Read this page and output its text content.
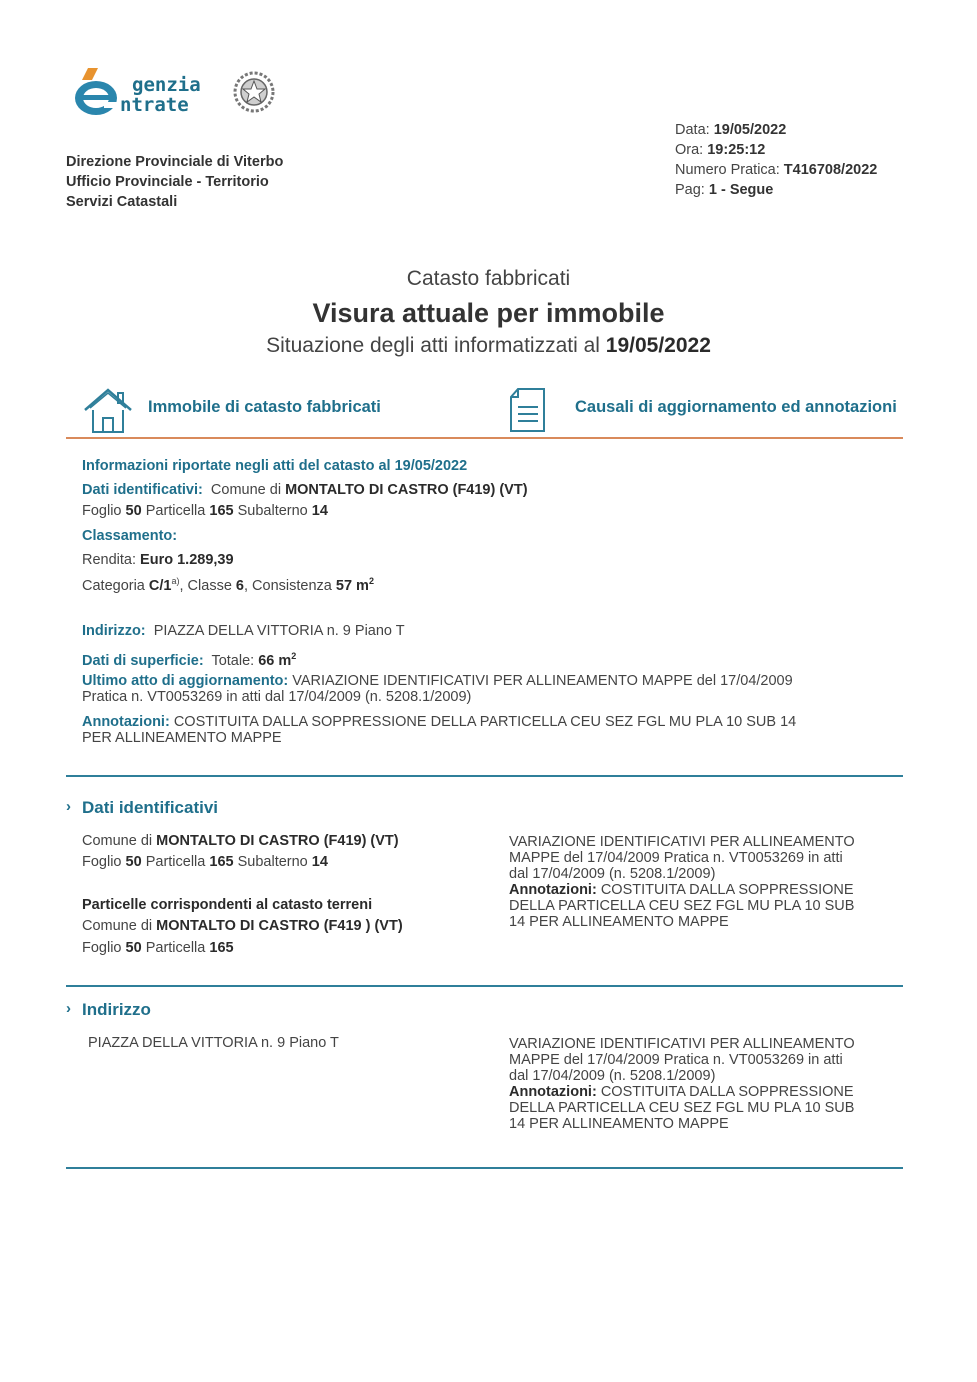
genzia
ntrate
Direzione Provinciale di Viterbo
Ufficio Provinciale - Territorio
Servizi Catastali
Data: 19/05/2022
Ora: 19:25:12
Numero Pratica: T416708/2022
Pag: 1 - Segue
Catasto fabbricati
Visura attuale per immobile
Situazione degli atti informatizzati al 19/05/2022
Immobile di catasto fabbricati	Causali di aggiornamento ed annotazioni
Informazioni riportate negli atti del catasto al 19/05/2022
Dati identificativi: Comune di MONTALTO DI CASTRO (F419) (VT)
Foglio 50 Particella 165 Subalterno 14
Classamento:
Rendita: Euro 1.289,39
Categoria C/1$^{a)}$, Classe 6, Consistenza 57 $m^2$
Indirizzo: PIAZZA DELLA VITTORIA n. 9 Piano T
Dati di superficie: Totale: 66 $m^2$
Ultimo atto di aggiornamento: VARIAZIONE IDENTIFICATIVI PER ALLINEAMENTO MAPPE del 17/04/2009
Pratica n. VT0053269 in atti dal 17/04/2009 (n. 5208.1/2009)
Annotazioni: COSTITUITA DALLA SOPPRESSIONE DELLA PARTICELLA CEU SEZ FGL MU PLA 10 SUB 14
PER ALLINEAMENTO MAPPE
› Dati identificativi
Comune di MONTALTO DI CASTRO (F419) (VT)
Foglio 50 Particella 165 Subalterno 14
Particelle corrispondenti al catasto terreni
Comune di MONTALTO DI CASTRO (F419 ) (VT)
Foglio 50 Particella 165
VARIAZIONE IDENTIFICATIVI PER ALLINEAMENTO
MAPPE del 17/04/2009 Pratica n. VT0053269 in atti
dal 17/04/2009 (n. 5208.1/2009)
Annotazioni: COSTITUITA DALLA SOPPRESSIONE
DELLA PARTICELLA CEU SEZ FGL MU PLA 10 SUB
14 PER ALLINEAMENTO MAPPE
› Indirizzo
PIAZZA DELLA VITTORIA n. 9 Piano T	VARIAZIONE IDENTIFICATIVI PER ALLINEAMENTO
MAPPE del 17/04/2009 Pratica n. VT0053269 in atti
dal 17/04/2009 (n. 5208.1/2009)
Annotazioni: COSTITUITA DALLA SOPPRESSIONE
DELLA PARTICELLA CEU SEZ FGL MU PLA 10 SUB
14 PER ALLINEAMENTO MAPPE
